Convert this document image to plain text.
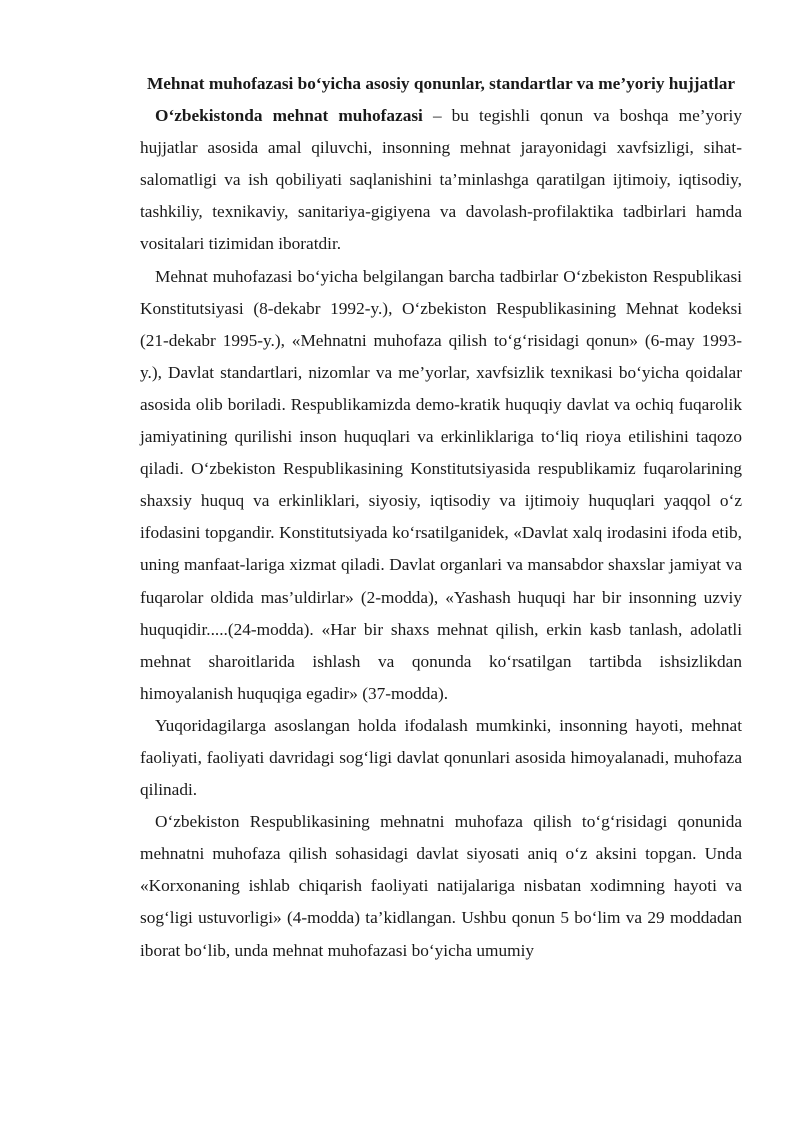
Mehnat muhofazasi bo‘yicha asosiy qonunlar, standartlar va me’yoriy hujjatlar

O‘zbekistonda mehnat muhofazasi – bu tegishli qonun va boshqa me’yoriy hujjatlar asosida amal qiluvchi, insonning mehnat jarayonidagi xavfsizligi, sihat-salomatligi va ish qobiliyati saqlanishini ta’minlashga qaratilgan ijtimoiy, iqtisodiy, tashkiliy, texnikaviy, sanitariya-gigiyena va davolash-profilaktika tadbirlari hamda vositalari tizimidan iboratdir.

Mehnat muhofazasi bo‘yicha belgilangan barcha tadbirlar O‘zbekiston Respublikasi Konstitutsiyasi (8-dekabr 1992-y.), O‘zbekiston Respublikasining Mehnat kodeksi (21-dekabr 1995-y.), «Mehnatni muhofaza qilish to‘g‘risidagi qonun» (6-may 1993-y.), Davlat standartlari, nizomlar va me’yorlar, xavfsizlik texnikasi bo‘yicha qoidalar asosida olib boriladi. Respublikamizda demo-kratik huquqiy davlat va ochiq fuqarolik jamiyatining qurilishi inson huquqlari va erkinliklariga to‘liq rioya etilishini taqozo qiladi. O‘zbekiston Respublikasining Konstitutsiyasida respublikamiz fuqarolarining shaxsiy huquq va erkinliklari, siyosiy, iqtisodiy va ijtimoiy huquqlari yaqqol o‘z ifodasini topgandir. Konstitutsiyada ko‘rsatilganidek, «Davlat xalq irodasini ifoda etib, uning manfaat-lariga xizmat qiladi. Davlat organlari va mansabdor shaxslar jamiyat va fuqarolar oldida mas’uldirlar» (2-modda), «Yashash huquqi har bir insonning uzviy huquqidir.....(24-modda). «Har bir shaxs mehnat qilish, erkin kasb tanlash, adolatli mehnat sharoitlarida ishlash va qonunda ko‘rsatilgan tartibda ishsizlikdan himoyalanish huquqiga egadir» (37-modda).

Yuqoridagilarga asoslangan holda ifodalash mumkinki, insonning hayoti, mehnat faoliyati, faoliyati davridagi sog‘ligi davlat qonunlari asosida himoyalanadi, muhofaza qilinadi.

O‘zbekiston Respublikasining mehnatni muhofaza qilish to‘g‘risidagi qonunida mehnatni muhofaza qilish sohasidagi davlat siyosati aniq o‘z aksini topgan. Unda «Korxonaning ishlab chiqarish faoliyati natijalariga nisbatan xodimning hayoti va sog‘ligi ustuvorligi» (4-modda) ta’kidlangan. Ushbu qonun 5 bo‘lim va 29 moddadan iborat bo‘lib, unda mehnat muhofazasi bo‘yicha umumiy
